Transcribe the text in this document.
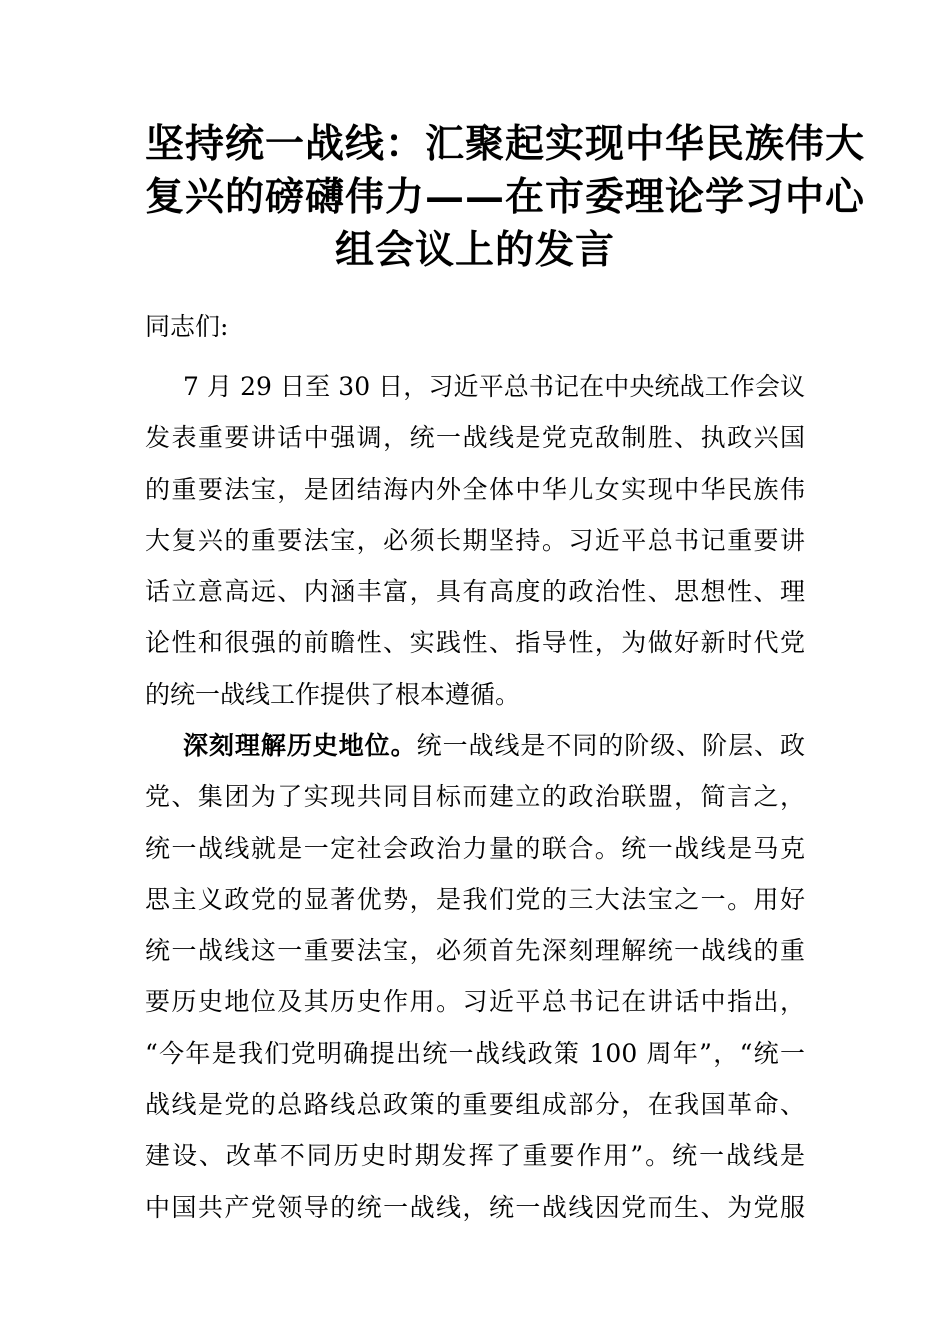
坚持统一战线：汇聚起实现中华民族伟大
复兴的磅礴伟力——在市委理论学习中心
组会议上的发言
同志们:
7 月 29 日至 30 日，习近平总书记在中央统战工作会议
发表重要讲话中强调，统一战线是党克敌制胜、执政兴国
的重要法宝，是团结海内外全体中华儿女实现中华民族伟
大复兴的重要法宝，必须长期坚持。习近平总书记重要讲
话立意高远、内涵丰富，具有高度的政治性、思想性、理
论性和很强的前瞻性、实践性、指导性，为做好新时代党
的统一战线工作提供了根本遵循。
深刻理解历史地位。统一战线是不同的阶级、阶层、政
党、集团为了实现共同目标而建立的政治联盟，简言之，
统一战线就是一定社会政治力量的联合。统一战线是马克
思主义政党的显著优势，是我们党的三大法宝之一。用好
统一战线这一重要法宝，必须首先深刻理解统一战线的重
要历史地位及其历史作用。习近平总书记在讲话中指出，
“今年是我们党明确提出统一战线政策 100 周年”，“统一
战线是党的总路线总政策的重要组成部分，在我国革命、
建设、改革不同历史时期发挥了重要作用”。统一战线是
中国共产党领导的统一战线，统一战线因党而生、为党服
